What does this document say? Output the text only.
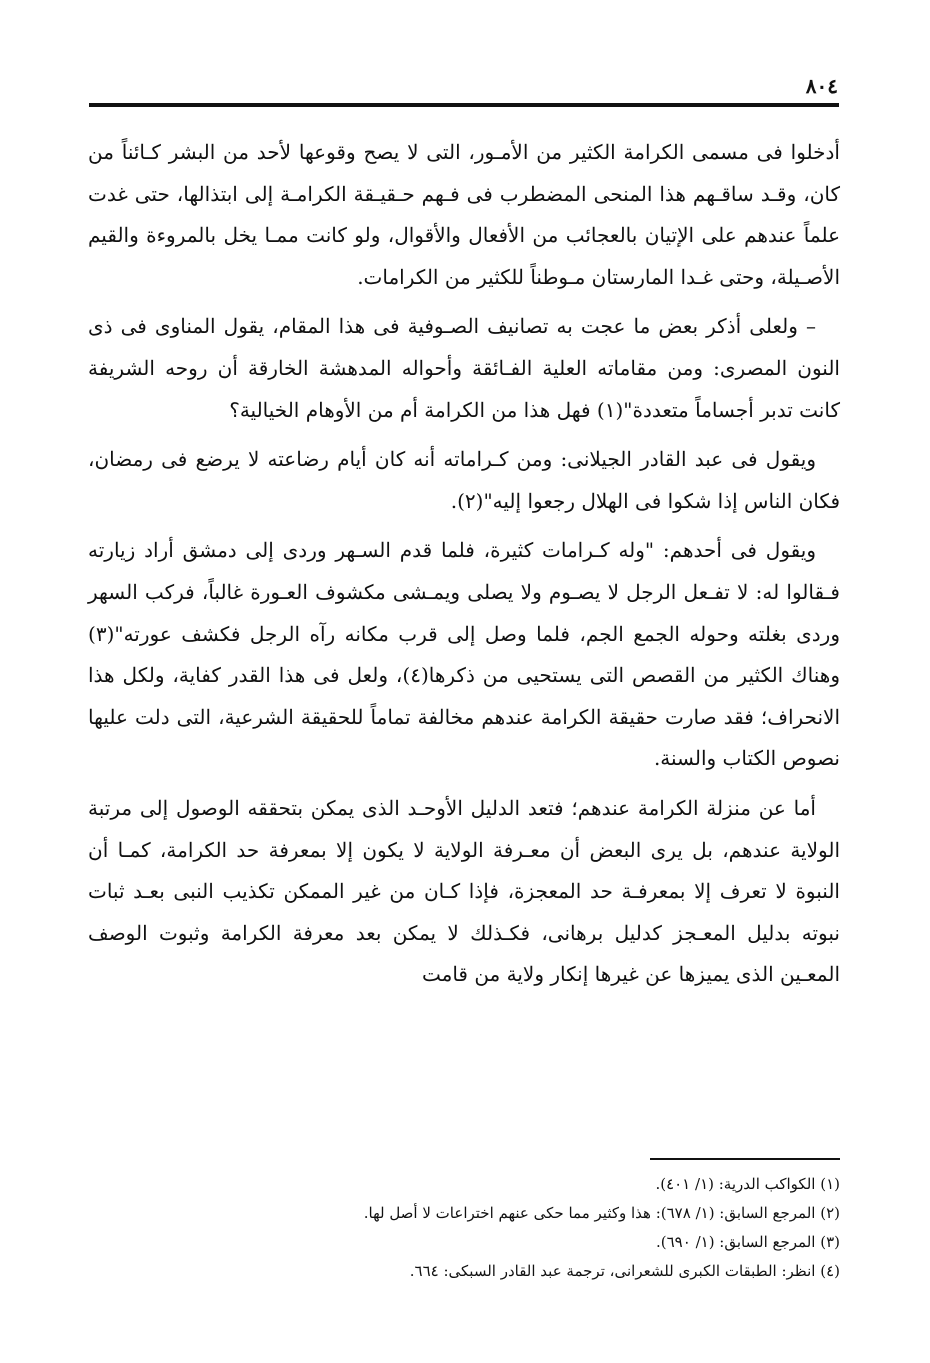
٨٠٤

أدخلوا فى مسمى الكرامة الكثير من الأمـور، التى لا يصح وقوعها لأحد من البشر كـائناً من كان، وقـد ساقـهم هذا المنحى المضطرب فى فـهم حـقيـقة الكرامـة إلى ابتذالها، حتى غدت علماً عندهم على الإتيان بالعجائب من الأفعال والأقوال، ولو كانت ممـا يخل بالمروءة والقيم الأصـيلة، وحتى غـدا المارستان مـوطناً للكثير من الكرامات.

– ولعلى أذكر بعض ما عجت به تصانيف الصـوفية فى هذا المقام، يقول المناوى فى ذى النون المصرى: ومن مقاماته العلية الفـائقة وأحواله المدهشة الخارقة أن روحه الشريفة كانت تدبر أجساماً متعددة"(١) فهل هذا من الكرامة أم من الأوهام الخيالية؟

ويقول فى عبد القادر الجيلانى: ومن كـراماته أنه كان أيام رضاعته لا يرضع فى رمضان، فكان الناس إذا شكوا فى الهلال رجعوا إليه"(٢).

ويقول فى أحدهم: "وله كـرامات كثيرة، فلما قدم السـهر وردى إلى دمشق أراد زيارته فـقالوا له: لا تفـعل الرجل لا يصـوم ولا يصلى ويمـشى مكشوف العـورة غالباً، فركب السهر وردى بغلته وحوله الجمع الجم، فلما وصل إلى قرب مكانه رآه الرجل فكشف عورته"(٣) وهناك الكثير من القصص التى يستحيى من ذكرها(٤)، ولعل فى هذا القدر كفاية، ولكل هذا الانحراف؛ فقد صارت حقيقة الكرامة عندهم مخالفة تماماً للحقيقة الشرعية، التى دلت عليها نصوص الكتاب والسنة.

أما عن منزلة الكرامة عندهم؛ فتعد الدليل الأوحـد الذى يمكن بتحققه الوصول إلى مرتبة الولاية عندهم، بل يرى البعض أن معـرفة الولاية لا يكون إلا بمعرفة حد الكرامة، كمـا أن النبوة لا تعرف إلا بمعرفـة حد المعجزة، فإذا كـان من غير الممكن تكذيب النبى بعـد ثبات نبوته بدليل المعـجز كدليل برهانى، فكـذلك لا يمكن بعد معرفة الكرامة وثبوت الوصف المعـين الذى يميزها عن غيرها إنكار ولاية من قامت

(١) الكواكب الدرية: (١/ ٤٠١).

(٢) المرجع السابق: (١/ ٦٧٨): هذا وكثير مما حكى عنهم اختراعات لا أصل لها.

(٣) المرجع السابق: (١/ ٦٩٠).

(٤) انظر: الطبقات الكبرى للشعرانى، ترجمة عبد القادر السبكى: ٦٦٤.
